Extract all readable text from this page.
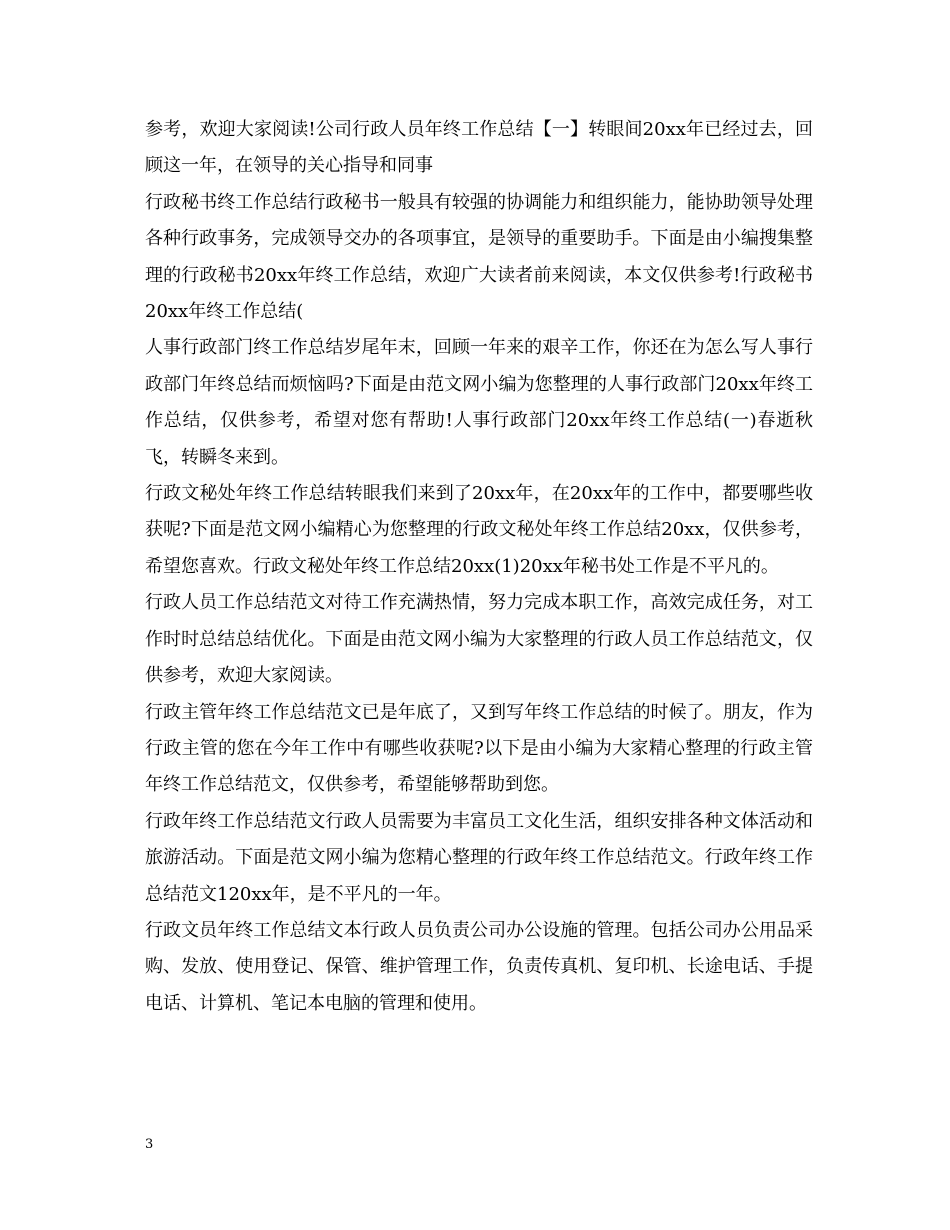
参考，欢迎大家阅读!公司行政人员年终工作总结【一】转眼间20xx年已经过去，回顾这一年，在领导的关心指导和同事

行政秘书终工作总结行政秘书一般具有较强的协调能力和组织能力，能协助领导处理各种行政事务，完成领导交办的各项事宜，是领导的重要助手。下面是由小编搜集整理的行政秘书20xx年终工作总结，欢迎广大读者前来阅读，本文仅供参考!行政秘书20xx年终工作总结(

人事行政部门终工作总结岁尾年末，回顾一年来的艰辛工作，你还在为怎么写人事行政部门年终总结而烦恼吗?下面是由范文网小编为您整理的人事行政部门20xx年终工作总结，仅供参考，希望对您有帮助!人事行政部门20xx年终工作总结(一)春逝秋飞，转瞬冬来到。

行政文秘处年终工作总结转眼我们来到了20xx年，在20xx年的工作中，都要哪些收获呢?下面是范文网小编精心为您整理的行政文秘处年终工作总结20xx，仅供参考，希望您喜欢。行政文秘处年终工作总结20xx(1)20xx年秘书处工作是不平凡的。

行政人员工作总结范文对待工作充满热情，努力完成本职工作，高效完成任务，对工作时时总结总结优化。下面是由范文网小编为大家整理的行政人员工作总结范文，仅供参考，欢迎大家阅读。

行政主管年终工作总结范文已是年底了，又到写年终工作总结的时候了。朋友，作为行政主管的您在今年工作中有哪些收获呢?以下是由小编为大家精心整理的行政主管年终工作总结范文，仅供参考，希望能够帮助到您。

行政年终工作总结范文行政人员需要为丰富员工文化生活，组织安排各种文体活动和旅游活动。下面是范文网小编为您精心整理的行政年终工作总结范文。行政年终工作总结范文120xx年，是不平凡的一年。

行政文员年终工作总结文本行政人员负责公司办公设施的管理。包括公司办公用品采购、发放、使用登记、保管、维护管理工作，负责传真机、复印机、长途电话、手提电话、计算机、笔记本电脑的管理和使用。

3
